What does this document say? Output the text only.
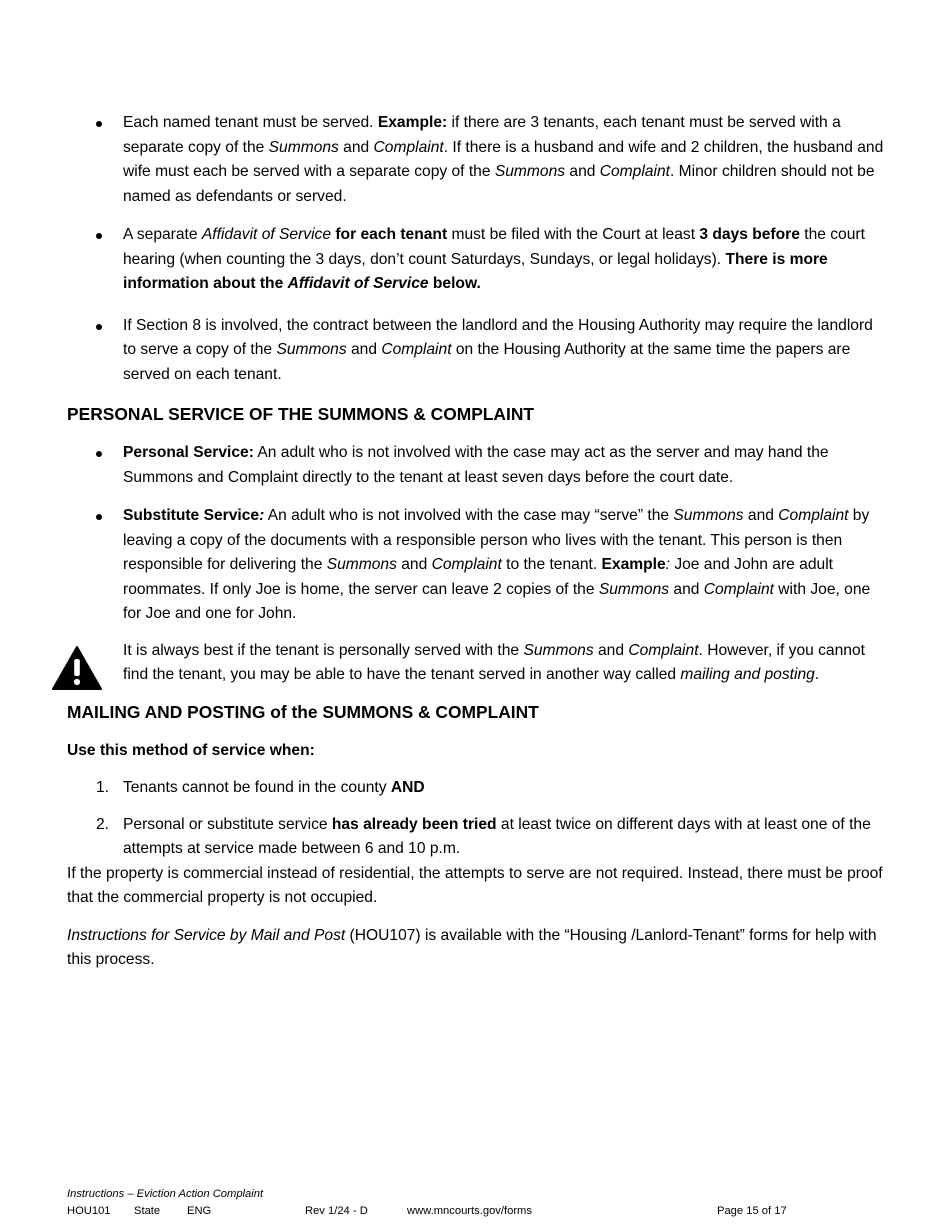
Each named tenant must be served. Example: if there are 3 tenants, each tenant must be served with a separate copy of the Summons and Complaint. If there is a husband and wife and 2 children, the husband and wife must each be served with a separate copy of the Summons and Complaint. Minor children should not be named as defendants or served.

A separate Affidavit of Service for each tenant must be filed with the Court at least 3 days before the court hearing (when counting the 3 days, don’t count Saturdays, Sundays, or legal holidays). There is more information about the Affidavit of Service below.

If Section 8 is involved, the contract between the landlord and the Housing Authority may require the landlord to serve a copy of the Summons and Complaint on the Housing Authority at the same time the papers are served on each tenant.

PERSONAL SERVICE OF THE SUMMONS & COMPLAINT

Personal Service: An adult who is not involved with the case may act as the server and may hand the Summons and Complaint directly to the tenant at least seven days before the court date.

Substitute Service: An adult who is not involved with the case may “serve” the Summons and Complaint by leaving a copy of the documents with a responsible person who lives with the tenant. This person is then responsible for delivering the Summons and Complaint to the tenant. Example: Joe and John are adult roommates. If only Joe is home, the server can leave 2 copies of the Summons and Complaint with Joe, one for Joe and one for John.

It is always best if the tenant is personally served with the Summons and Complaint. However, if you cannot find the tenant, you may be able to have the tenant served in another way called mailing and posting.

MAILING AND POSTING of the SUMMONS & COMPLAINT

Use this method of service when:

1. Tenants cannot be found in the county AND

2. Personal or substitute service has already been tried at least twice on different days with at least one of the attempts at service made between 6 and 10 p.m.

If the property is commercial instead of residential, the attempts to serve are not required. Instead, there must be proof that the commercial property is not occupied.

Instructions for Service by Mail and Post (HOU107) is available with the “Housing /Lanlord-Tenant” forms for help with this process.

Instructions – Eviction Action Complaint
HOU101 State ENG	Rev 1/24 - D	www.mncourts.gov/forms	Page 15 of 17
